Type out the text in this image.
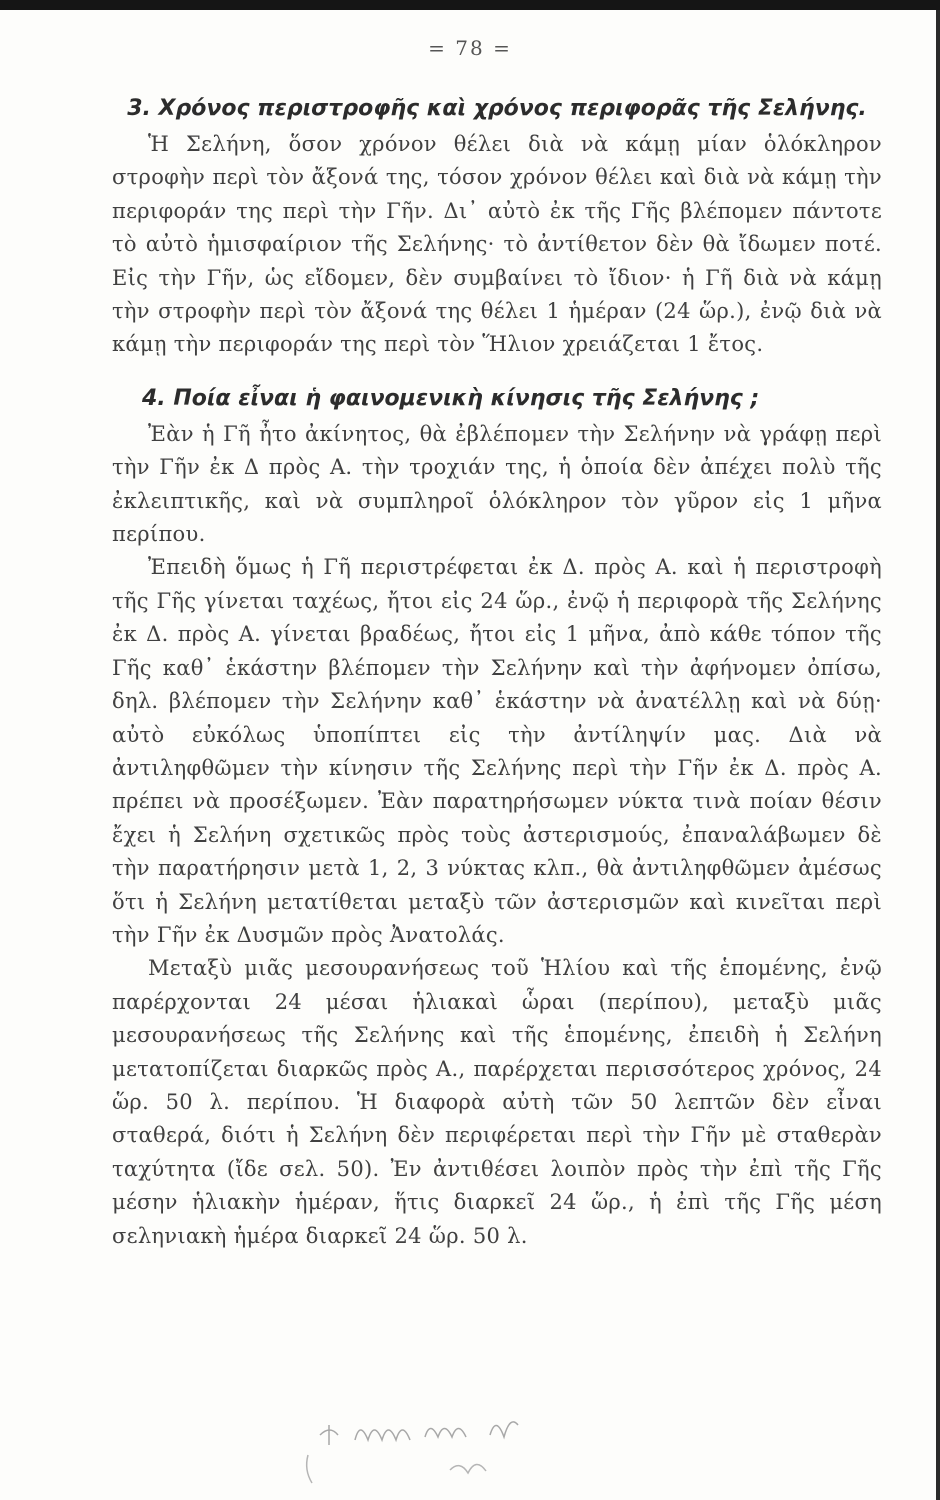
= 78 =
3. Χρόνος περιστροφῆς καὶ χρόνος περιφορᾶς τῆς Σελήνης.

Ἡ Σελήνη, ὅσον χρόνον θέλει διὰ νὰ κάμῃ μίαν ὁλόκληρον στροφὴν περὶ τὸν ἄξονά της, τόσον χρόνον θέλει καὶ διὰ νὰ κάμῃ τὴν περιφοράν της περὶ τὴν Γῆν. Δι᾽ αὐτὸ ἐκ τῆς Γῆς βλέπομεν πάντοτε τὸ αὐτὸ ἡμισφαίριον τῆς Σελήνης· τὸ ἀντίθετον δὲν θὰ ἴδωμεν ποτέ. Εἰς τὴν Γῆν, ὡς εἴδομεν, δὲν συμβαίνει τὸ ἴδιον· ἡ Γῆ διὰ νὰ κάμῃ τὴν στροφὴν περὶ τὸν ἄξονά της θέλει 1 ἡμέραν (24 ὥρ.), ἐνῷ διὰ νὰ κάμῃ τὴν περιφοράν της περὶ τὸν Ἥλιον χρειάζεται 1 ἔτος.

4. Ποία εἶναι ἡ φαινομενικὴ κίνησις τῆς Σελήνης ;

Ἐὰν ἡ Γῆ ἦτο ἀκίνητος, θὰ ἐβλέπομεν τὴν Σελήνην νὰ γράφῃ περὶ τὴν Γῆν ἐκ Δ πρὸς Α. τὴν τροχιάν της, ἡ ὁποία δὲν ἀπέχει πολὺ τῆς ἐκλειπτικῆς, καὶ νὰ συμπληροῖ ὁλόκληρον τὸν γῦρον εἰς 1 μῆνα περίπου.

Ἐπειδὴ ὅμως ἡ Γῆ περιστρέφεται ἐκ Δ. πρὸς Α. καὶ ἡ περιστροφὴ τῆς Γῆς γίνεται ταχέως, ἤτοι εἰς 24 ὥρ., ἐνῷ ἡ περιφορὰ τῆς Σελήνης ἐκ Δ. πρὸς Α. γίνεται βραδέως, ἤτοι εἰς 1 μῆνα, ἀπὸ κάθε τόπον τῆς Γῆς καθ᾽ ἑκάστην βλέπομεν τὴν Σελήνην καὶ τὴν ἀφήνομεν ὀπίσω, δηλ. βλέπομεν τὴν Σελήνην καθ᾽ ἑκάστην νὰ ἀνατέλλῃ καὶ νὰ δύῃ· αὐτὸ εὐκόλως ὑποπίπτει εἰς τὴν ἀντίληψίν μας. Διὰ νὰ ἀντιληφθῶμεν τὴν κίνησιν τῆς Σελήνης περὶ τὴν Γῆν ἐκ Δ. πρὸς Α. πρέπει νὰ προσέξωμεν. Ἐὰν παρατηρήσωμεν νύκτα τινὰ ποίαν θέσιν ἔχει ἡ Σελήνη σχετικῶς πρὸς τοὺς ἀστερισμούς, ἐπαναλάβωμεν δὲ τὴν παρατήρησιν μετὰ 1, 2, 3 νύκτας κλπ., θὰ ἀντιληφθῶμεν ἀμέσως ὅτι ἡ Σελήνη μετατίθεται μεταξὺ τῶν ἀστερισμῶν καὶ κινεῖται περὶ τὴν Γῆν ἐκ Δυσμῶν πρὸς Ἀνατολάς.

Μεταξὺ μιᾶς μεσουρανήσεως τοῦ Ἡλίου καὶ τῆς ἑπομένης, ἐνῷ παρέρχονται 24 μέσαι ἡλιακαὶ ὧραι (περίπου), μεταξὺ μιᾶς μεσουρανήσεως τῆς Σελήνης καὶ τῆς ἑπομένης, ἐπειδὴ ἡ Σελήνη μετατοπίζεται διαρκῶς πρὸς Α., παρέρχεται περισσότερος χρόνος, 24 ὥρ. 50 λ. περίπου. Ἡ διαφορὰ αὐτὴ τῶν 50 λεπτῶν δὲν εἶναι σταθερά, διότι ἡ Σελήνη δὲν περιφέρεται περὶ τὴν Γῆν μὲ σταθερὰν ταχύτητα (ἴδε σελ. 50). Ἐν ἀντιθέσει λοιπὸν πρὸς τὴν ἐπὶ τῆς Γῆς μέσην ἡλιακὴν ἡμέραν, ἥτις διαρκεῖ 24 ὥρ., ἡ ἐπὶ τῆς Γῆς μέση σεληνιακὴ ἡμέρα διαρκεῖ 24 ὥρ. 50 λ.
